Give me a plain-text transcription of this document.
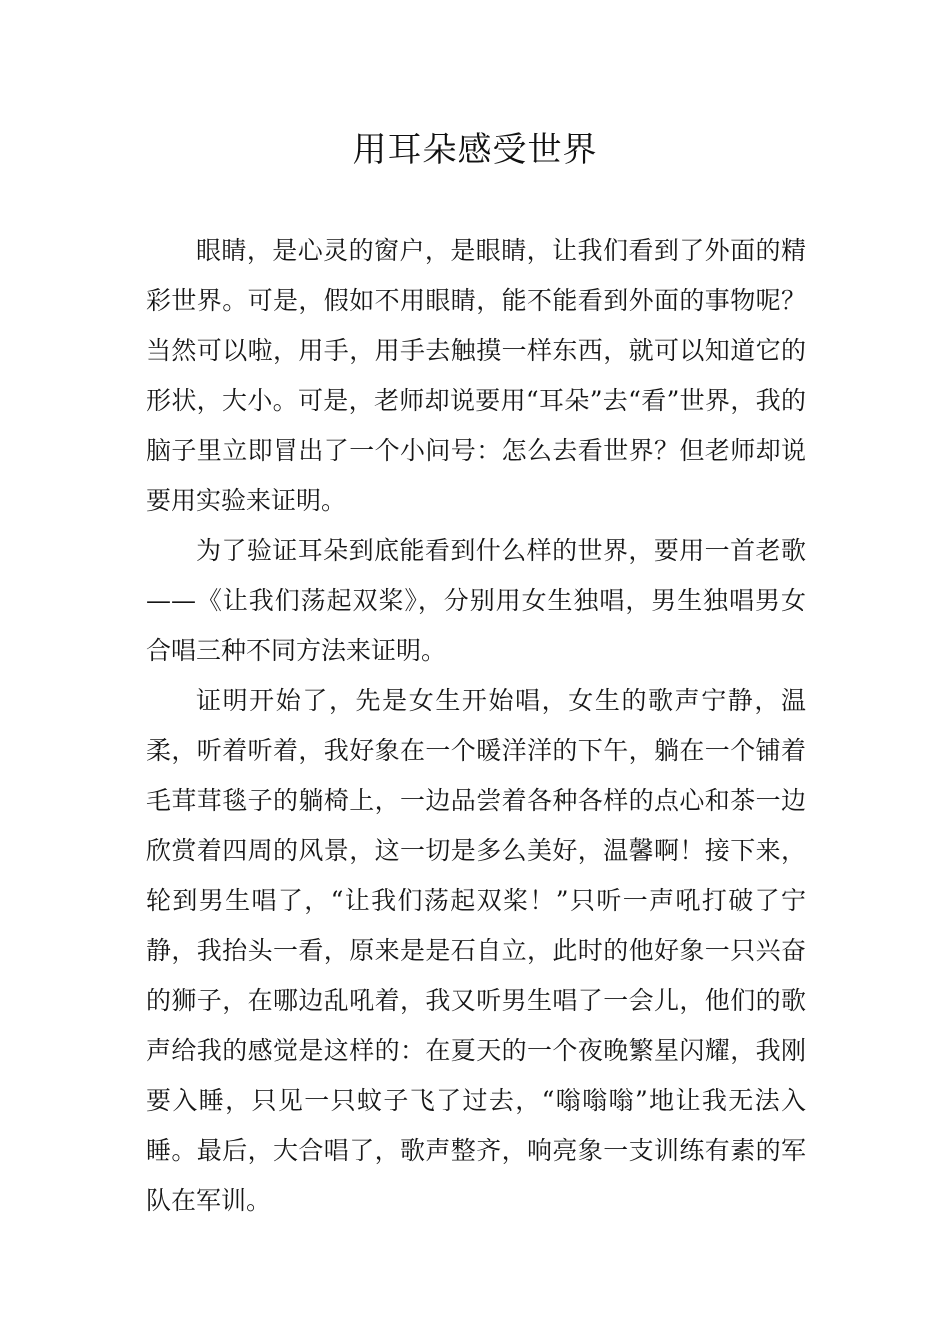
用耳朵感受世界

眼睛，是心灵的窗户，是眼睛，让我们看到了外面的精彩世界。可是，假如不用眼睛，能不能看到外面的事物呢？当然可以啦，用手，用手去触摸一样东西，就可以知道它的形状，大小。可是，老师却说要用“耳朵”去“看”世界，我的脑子里立即冒出了一个小问号：怎么去看世界？但老师却说要用实验来证明。

为了验证耳朵到底能看到什么样的世界，要用一首老歌——《让我们荡起双桨》，分别用女生独唱，男生独唱男女合唱三种不同方法来证明。

证明开始了，先是女生开始唱，女生的歌声宁静，温柔，听着听着，我好象在一个暖洋洋的下午，躺在一个铺着毛茸茸毯子的躺椅上，一边品尝着各种各样的点心和茶一边欣赏着四周的风景，这一切是多么美好，温馨啊！接下来，轮到男生唱了，“让我们荡起双桨！”只听一声吼打破了宁静，我抬头一看，原来是是石自立，此时的他好象一只兴奋的狮子，在哪边乱吼着，我又听男生唱了一会儿，他们的歌声给我的感觉是这样的：在夏天的一个夜晚繁星闪耀，我刚要入睡，只见一只蚊子飞了过去，“嗡嗡嗡”地让我无法入睡。最后，大合唱了，歌声整齐，响亮象一支训练有素的军队在军训。
